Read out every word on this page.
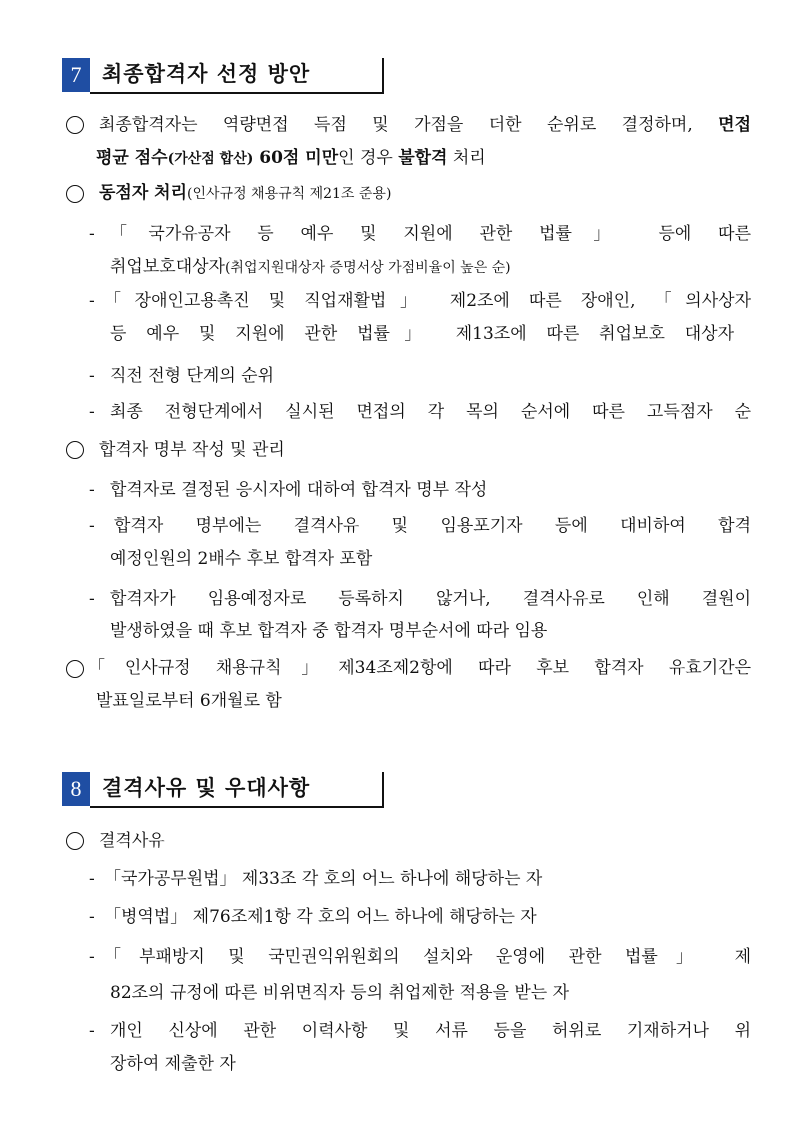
7 최종합격자 선정 방안
최종합격자는 역량면접 득점 및 가점을 더한 순위로 결정하며, 면접
평균 점수(가산점 합산) 60점 미만인 경우 불합격 처리
동점자 처리(인사규정 채용규칙 제21조 준용)
- 「국가유공자 등 예우 및 지원에 관한 법률」 등에 따른
취업보호대상자(취업지원대상자 증명서상 가점비율이 높은 순)
- 「장애인고용촉진 및 직업재활법」 제2조에 따른 장애인, 「의사상자
등 예우 및 지원에 관한 법률」 제13조에 따른 취업보호 대상자
- 직전 전형 단계의 순위
- 최종 전형단계에서 실시된 면접의 각 목의 순서에 따른 고득점자 순
합격자 명부 작성 및 관리
- 합격자로 결정된 응시자에 대하여 합격자 명부 작성
- 합격자 명부에는 결격사유 및 임용포기자 등에 대비하여 합격
예정인원의 2배수 후보 합격자 포함
- 합격자가 임용예정자로 등록하지 않거나, 결격사유로 인해 결원이
발생하였을 때 후보 합격자 중 합격자 명부순서에 따라 임용
「인사규정 채용규칙」제34조제2항에 따라 후보 합격자 유효기간은
발표일로부터 6개월로 함
8 결격사유 및 우대사항
결격사유
- 「국가공무원법」 제33조 각 호의 어느 하나에 해당하는 자
- 「병역법」 제76조제1항 각 호의 어느 하나에 해당하는 자
- 「부패방지 및 국민권익위원회의 설치와 운영에 관한 법률」 제
82조의 규정에 따른 비위면직자 등의 취업제한 적용을 받는 자
- 개인 신상에 관한 이력사항 및 서류 등을 허위로 기재하거나 위
장하여 제출한 자
